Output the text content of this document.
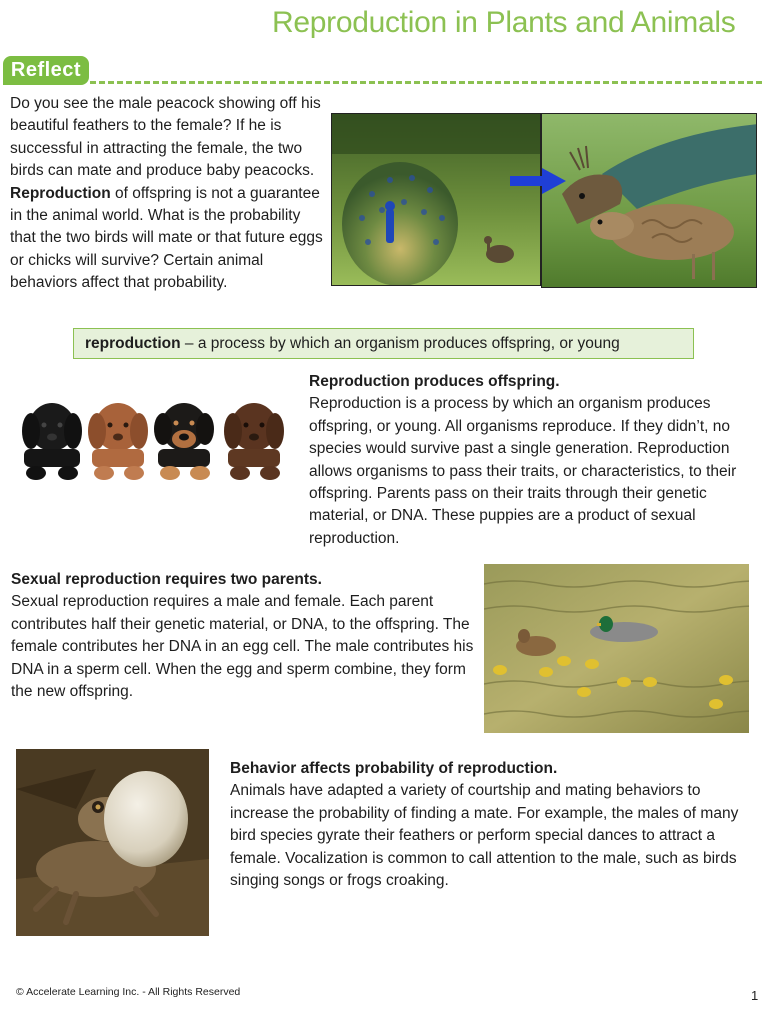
Reproduction in Plants and Animals
Reflect
Do you see the male peacock showing off his beautiful feathers to the female? If he is successful in attracting the female, the two birds can mate and produce baby peacocks. Reproduction of offspring is not a guarantee in the animal world. What is the probability that the two birds will mate or that future eggs or chicks will survive? Certain animal behaviors affect that probability.
reproduction – a process by which an organism produces offspring, or young
Reproduction produces offspring.
Reproduction is a process by which an organism produces offspring, or young. All organisms reproduce. If they didn’t, no species would survive past a single generation. Reproduction allows organisms to pass their traits, or characteristics, to their offspring. Parents pass on their traits through their genetic material, or DNA. These puppies are a product of sexual reproduction.
Sexual reproduction requires two parents.
Sexual reproduction requires a male and female. Each parent contributes half their genetic material, or DNA, to the offspring. The female contributes her DNA in an egg cell. The male contributes his DNA in a sperm cell. When the egg and sperm combine, they form the new offspring.
Behavior affects probability of reproduction.
Animals have adapted a variety of courtship and mating behaviors to increase the probability of finding a mate. For example, the males of many bird species gyrate their feathers or perform special dances to attract a female. Vocalization is common to call attention to the male, such as birds singing songs or frogs croaking.
© Accelerate Learning Inc. - All Rights Reserved	1
